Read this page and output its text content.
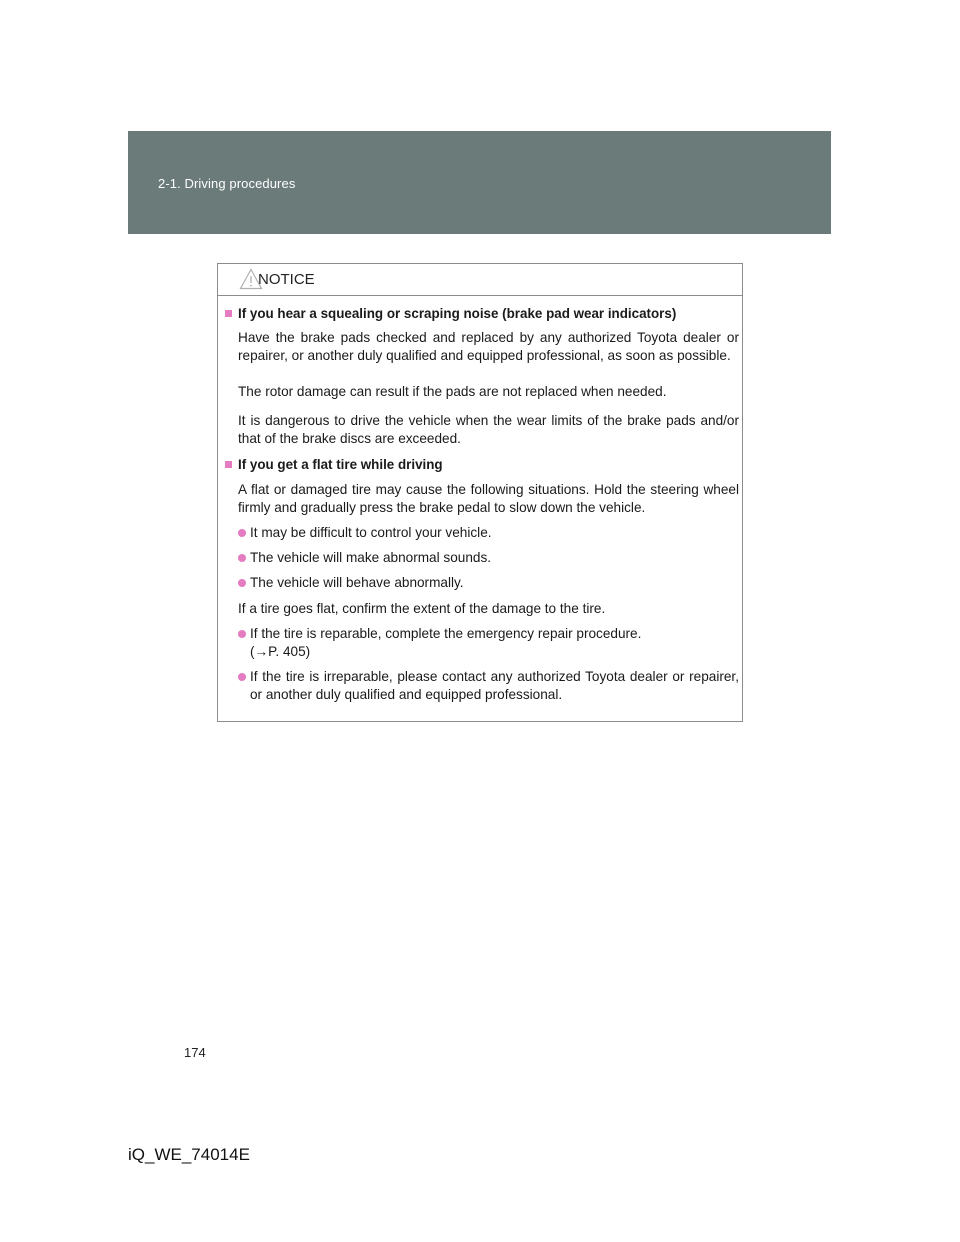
2-1. Driving procedures
NOTICE
If you hear a squealing or scraping noise (brake pad wear indicators)
Have the brake pads checked and replaced by any authorized Toyota dealer or repairer, or another duly qualified and equipped professional, as soon as possible.
The rotor damage can result if the pads are not replaced when needed.
It is dangerous to drive the vehicle when the wear limits of the brake pads and/or that of the brake discs are exceeded.
If you get a flat tire while driving
A flat or damaged tire may cause the following situations. Hold the steering wheel firmly and gradually press the brake pedal to slow down the vehicle.
It may be difficult to control your vehicle.
The vehicle will make abnormal sounds.
The vehicle will behave abnormally.
If a tire goes flat, confirm the extent of the damage to the tire.
If the tire is reparable, complete the emergency repair procedure.
(→P. 405)
If the tire is irreparable, please contact any authorized Toyota dealer or repairer, or another duly qualified and equipped professional.
174
iQ_WE_74014E
